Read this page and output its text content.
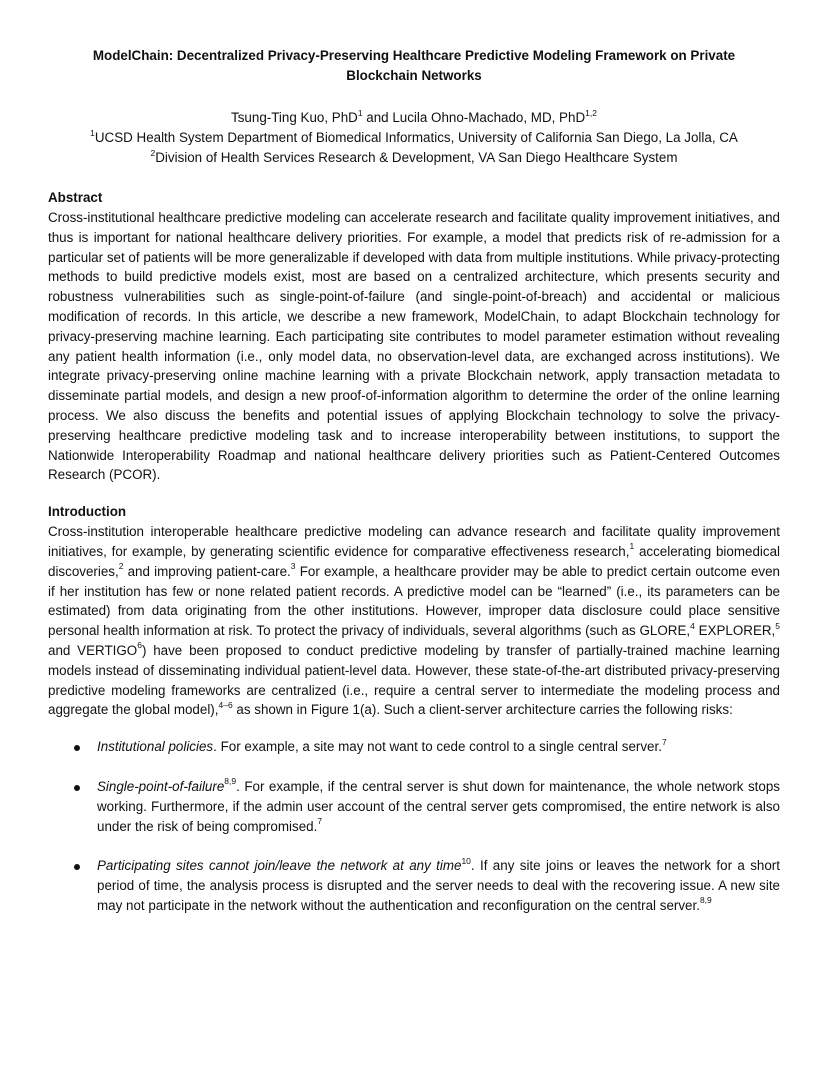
ModelChain: Decentralized Privacy-Preserving Healthcare Predictive Modeling Framework on Private
Blockchain Networks
Tsung-Ting Kuo, PhD$^1$ and Lucila Ohno-Machado, MD, PhD$^{1,2}$
$^1$UCSD Health System Department of Biomedical Informatics, University of California San Diego, La Jolla, CA
$^2$Division of Health Services Research & Development, VA San Diego Healthcare System
Abstract

Cross-institutional healthcare predictive modeling can accelerate research and facilitate quality improvement initiatives, and thus is important for national healthcare delivery priorities. For example, a model that predicts risk of re-admission for a particular set of patients will be more generalizable if developed with data from multiple institutions. While privacy-protecting methods to build predictive models exist, most are based on a centralized architecture, which presents security and robustness vulnerabilities such as single-point-of-failure (and single-point-of-breach) and accidental or malicious modification of records. In this article, we describe a new framework, ModelChain, to adapt Blockchain technology for privacy-preserving machine learning. Each participating site contributes to model parameter estimation without revealing any patient health information (i.e., only model data, no observation-level data, are exchanged across institutions). We integrate privacy-preserving online machine learning with a private Blockchain network, apply transaction metadata to disseminate partial models, and design a new proof-of-information algorithm to determine the order of the online learning process. We also discuss the benefits and potential issues of applying Blockchain technology to solve the privacy-preserving healthcare predictive modeling task and to increase interoperability between institutions, to support the Nationwide Interoperability Roadmap and national healthcare delivery priorities such as Patient-Centered Outcomes Research (PCOR).

Introduction

Cross-institution interoperable healthcare predictive modeling can advance research and facilitate quality improvement initiatives, for example, by generating scientific evidence for comparative effectiveness research,$^1$ accelerating biomedical discoveries,$^2$ and improving patient-care.$^3$ For example, a healthcare provider may be able to predict certain outcome even if her institution has few or none related patient records. A predictive model can be “learned” (i.e., its parameters can be estimated) from data originating from the other institutions. However, improper data disclosure could place sensitive personal health information at risk. To protect the privacy of individuals, several algorithms (such as GLORE,$^4$ EXPLORER,$^5$ and VERTIGO$^6$) have been proposed to conduct predictive modeling by transfer of partially-trained machine learning models instead of disseminating individual patient-level data. However, these state-of-the-art distributed privacy-preserving predictive modeling frameworks are centralized (i.e., require a central server to intermediate the modeling process and aggregate the global model),$^{4-6}$ as shown in Figure 1(a). Such a client-server architecture carries the following risks:

Institutional policies. For example, a site may not want to cede control to a single central server.$^7$

Single-point-of-failure$^{8,9}$. For example, if the central server is shut down for maintenance, the whole network stops working. Furthermore, if the admin user account of the central server gets compromised, the entire network is also under the risk of being compromised.$^7$

Participating sites cannot join/leave the network at any time$^{10}$. If any site joins or leaves the network for a short period of time, the analysis process is disrupted and the server needs to deal with the recovering issue. A new site may not participate in the network without the authentication and reconfiguration on the central server.$^{8,9}$
